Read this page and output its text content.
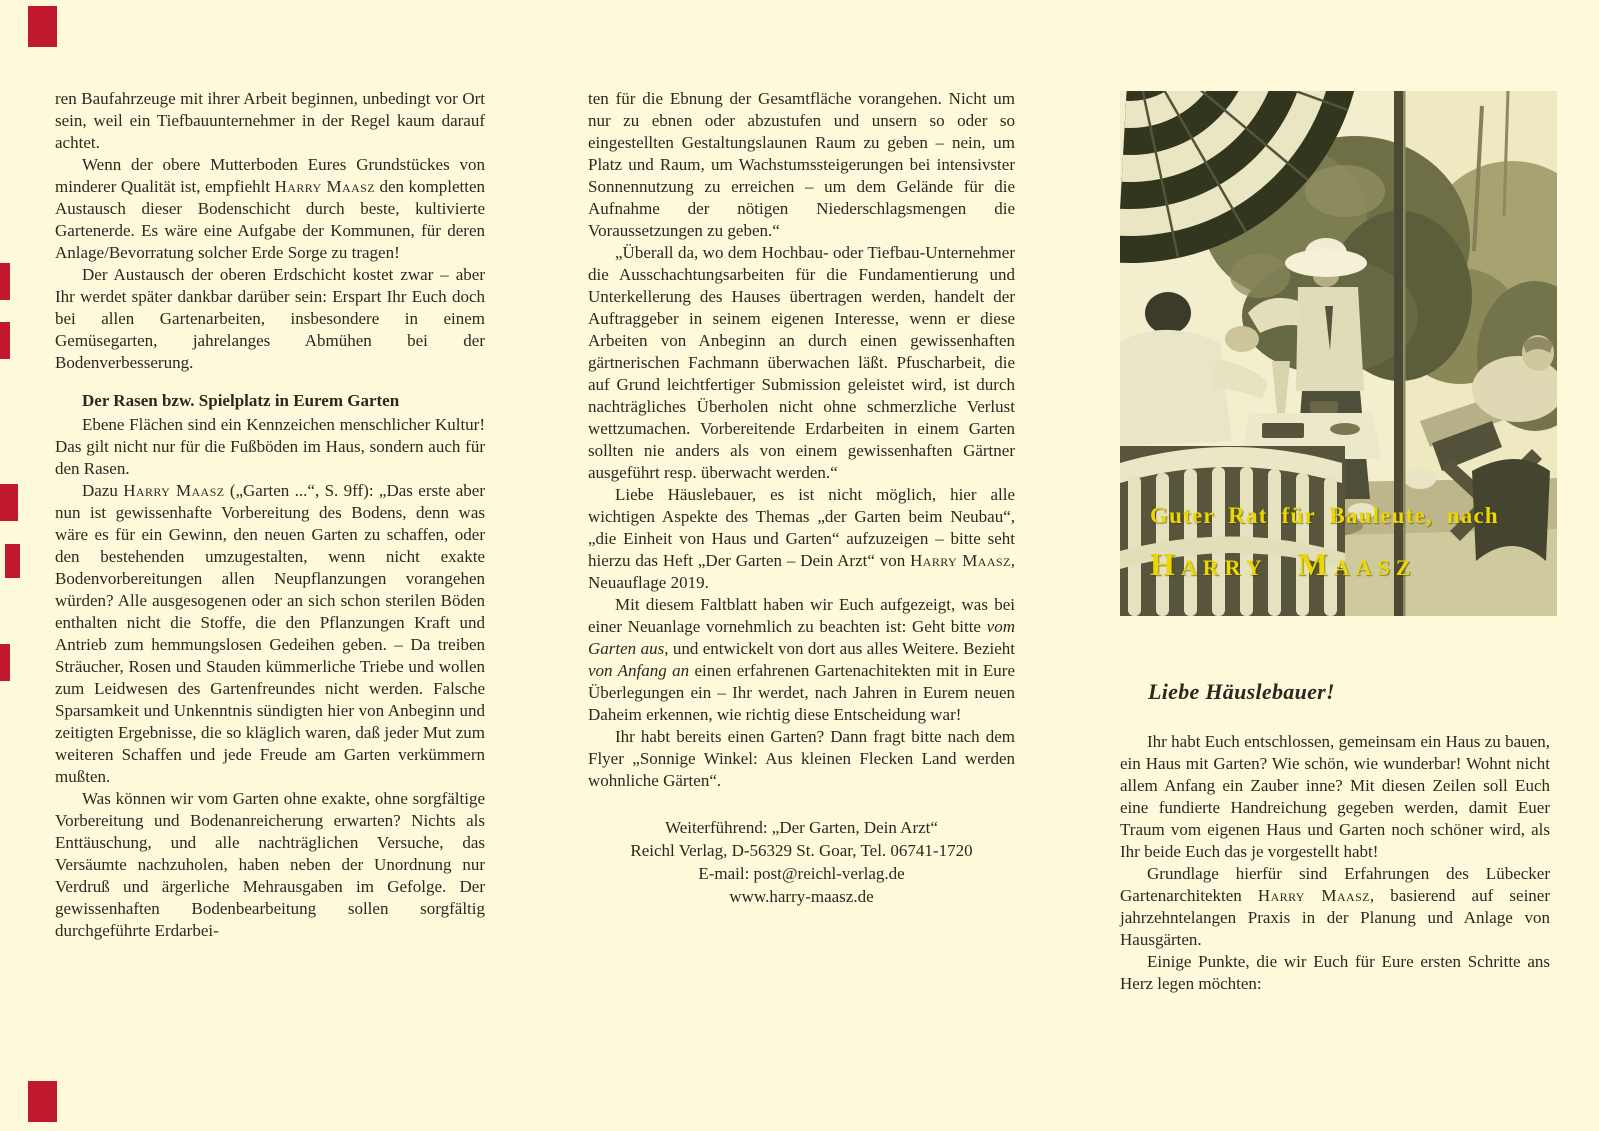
ren Baufahrzeuge mit ihrer Arbeit beginnen, unbedingt vor Ort sein, weil ein Tiefbauunternehmer in der Regel kaum darauf achtet.

Wenn der obere Mutterboden Eures Grundstückes von minderer Qualität ist, empfiehlt Harry Maasz den kompletten Austausch dieser Bodenschicht durch beste, kultivierte Gartenerde. Es wäre eine Aufgabe der Kommunen, für deren Anlage/Bevorratung solcher Erde Sorge zu tragen!

Der Austausch der oberen Erdschicht kostet zwar – aber Ihr werdet später dankbar darüber sein: Erspart Ihr Euch doch bei allen Gartenarbeiten, insbesondere in einem Gemüsegarten, jahrelanges Abmühen bei der Bodenverbesserung.

Der Rasen bzw. Spielplatz in Eurem Garten

Ebene Flächen sind ein Kennzeichen menschlicher Kultur! Das gilt nicht nur für die Fußböden im Haus, sondern auch für den Rasen.

Dazu Harry Maasz („Garten ...“, S. 9ff): „Das erste aber nun ist gewissenhafte Vorbereitung des Bodens, denn was wäre es für ein Gewinn, den neuen Garten zu schaffen, oder den bestehenden umzugestalten, wenn nicht exakte Bodenvorbereitungen allen Neupflanzungen vorangehen würden? Alle ausgesogenen oder an sich schon sterilen Böden enthalten nicht die Stoffe, die den Pflanzungen Kraft und Antrieb zum hemmungslosen Gedeihen geben. – Da treiben Sträucher, Rosen und Stauden kümmerliche Triebe und wollen zum Leidwesen des Gartenfreundes nicht werden. Falsche Sparsamkeit und Unkenntnis sündigten hier von Anbeginn und zeitigten Ergebnisse, die so kläglich waren, daß jeder Mut zum weiteren Schaffen und jede Freude am Garten verkümmern mußten.

Was können wir vom Garten ohne exakte, ohne sorgfältige Vorbereitung und Bodenanreicherung erwarten? Nichts als Enttäuschung, und alle nachträglichen Versuche, das Versäumte nachzuholen, haben neben der Unordnung nur Verdruß und ärgerliche Mehrausgaben im Gefolge. Der gewissenhaften Bodenbearbeitung sollen sorgfältig durchgeführte Erdarbei-

ten für die Ebnung der Gesamtfläche vorangehen. Nicht um nur zu ebnen oder abzustufen und unsern so oder so eingestellten Gestaltungslaunen Raum zu geben – nein, um Platz und Raum, um Wachstumssteigerungen bei intensivster Sonnennutzung zu erreichen – um dem Gelände für die Aufnahme der nötigen Niederschlagsmengen die Voraussetzungen zu geben.“

„Überall da, wo dem Hochbau- oder Tiefbau-Unternehmer die Ausschachtungsarbeiten für die Fundamentierung und Unterkellerung des Hauses übertragen werden, handelt der Auftraggeber in seinem eigenen Interesse, wenn er diese Arbeiten von Anbeginn an durch einen gewissenhaften gärtnerischen Fachmann überwachen läßt. Pfuscharbeit, die auf Grund leichtfertiger Submission geleistet wird, ist durch nachträgliches Überholen nicht ohne schmerzliche Verlust wettzumachen. Vorbereitende Erdarbeiten in einem Garten sollten nie anders als von einem gewissenhaften Gärtner ausgeführt resp. überwacht werden.“

Liebe Häuslebauer, es ist nicht möglich, hier alle wichtigen Aspekte des Themas „der Garten beim Neubau“, „die Einheit von Haus und Garten“ aufzuzeigen – bitte seht hierzu das Heft „Der Garten – Dein Arzt“ von Harry Maasz, Neuauflage 2019.

Mit diesem Faltblatt haben wir Euch aufgezeigt, was bei einer Neuanlage vornehmlich zu beachten ist: Geht bitte vom Garten aus, und entwickelt von dort aus alles Weitere. Bezieht von Anfang an einen erfahrenen Gartenachitekten mit in Eure Überlegungen ein – Ihr werdet, nach Jahren in Eurem neuen Daheim erkennen, wie richtig diese Entscheidung war!

Ihr habt bereits einen Garten? Dann fragt bitte nach dem Flyer „Sonnige Winkel: Aus kleinen Flecken Land werden wohnliche Gärten“.

Weiterführend: „Der Garten, Dein Arzt“
Reichl Verlag, D-56329 St. Goar, Tel. 06741-1720
E-mail: post@reichl-verlag.de
www.harry-maasz.de
Liebe Häuslebauer!

Ihr habt Euch entschlossen, gemeinsam ein Haus zu bauen, ein Haus mit Garten? Wie schön, wie wunderbar! Wohnt nicht allem Anfang ein Zauber inne? Mit diesen Zeilen soll Euch eine fundierte Handreichung gegeben werden, damit Euer Traum vom eigenen Haus und Garten noch schöner wird, als Ihr beide Euch das je vorgestellt habt!

Grundlage hierfür sind Erfahrungen des Lübecker Gartenarchitekten Harry Maasz, basierend auf seiner jahrzehntelangen Praxis in der Planung und Anlage von Hausgärten.

Einige Punkte, die wir Euch für Eure ersten Schritte ans Herz legen möchten:

Guter Rat für Bauleute, nach
Harry Maasz
